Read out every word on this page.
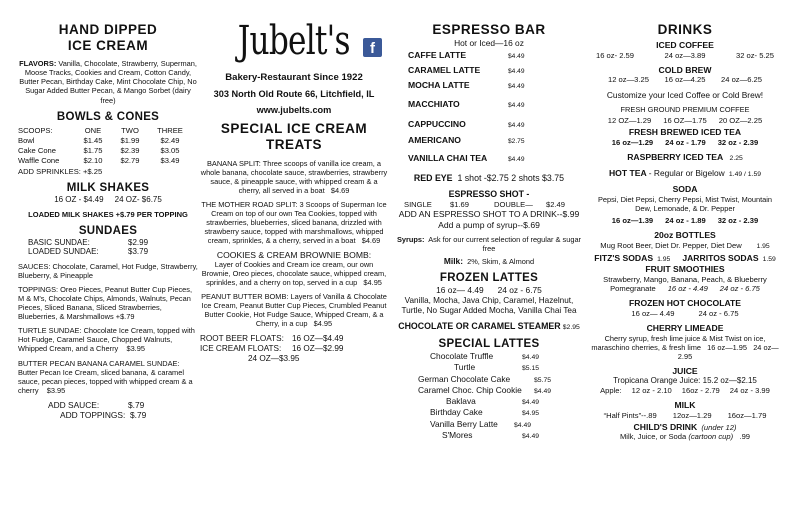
HAND DIPPED
ICE CREAM
FLAVORS: Vanilla, Chocolate, Strawberry, Superman, Moose Tracks, Cookies and Cream, Cotton Candy, Butter Pecan, Birthday Cake, Mint Chocolate Chip, No Sugar Added Butter Pecan, & Mango Sorbet (dairy free)
BOWLS & CONES
SCOOPS:	ONE	TWO	THREE
Bowl	$1.45	$1.99	$2.49
Cake Cone	$1.75	$2.39	$3.05
Waffle Cone	$2.10	$2.79	$3.49
ADD SPRINKLES: +$.25
MILK SHAKES
16 OZ - $4.49 24 OZ- $6.75
LOADED MILK SHAKES +$.79 PER TOPPING
SUNDAES
BASIC SUNDAE:	$2.99
LOADED SUNDAE:	$3.79
SAUCES: Chocolate, Caramel, Hot Fudge, Strawberry, Blueberry, & Pineapple
TOPPINGS: Oreo Pieces, Peanut Butter Cup Pieces, M & M's, Chocolate Chips, Almonds, Walnuts, Pecan Pieces, Sliced Banana, Sliced Strawberries, Blueberries, & Marshmallows +$.79
TURTLE SUNDAE: Chocolate Ice Cream, topped with Hot Fudge, Caramel Sauce, Chopped Walnuts, Whipped Cream, and a Cherry $3.95
BUTTER PECAN BANANA CARAMEL SUNDAE: Butter Pecan Ice Cream, sliced banana, & caramel sauce, pecan pieces, topped with whipped cream & a cherry $3.95
ADD SAUCE:	$.79
ADD TOPPINGS: $.79
Jubelt's	f
Bakery-Restaurant Since 1922
303 North Old Route 66, Litchfield, IL
www.jubelts.com
SPECIAL ICE CREAM
TREATS
BANANA SPLIT: Three scoops of vanilla ice cream, a whole banana, chocolate sauce, strawberries, strawberry sauce, & pineapple sauce, with whipped cream & a cherry, all served in a boat $4.69
THE MOTHER ROAD SPLIT: 3 Scoops of Superman Ice Cream on top of our own Tea Cookies, topped with strawberries, blueberries, sliced banana, drizzled with strawberry sauce, topped with marshmallows, whipped cream, sprinkles, & a cherry, served in a boat $4.69
COOKIES & CREAM BROWNIE BOMB:
Layer of Cookies and Cream ice cream, our own Brownie, Oreo pieces, chocolate sauce, whipped cream, sprinkles, and a cherry on top, served in a cup $4.95
PEANUT BUTTER BOMB: Layers of Vanilla & Chocolate Ice Cream, Peanut Butter Cup Pieces, Crumbled Peanut Butter Cookie, Hot Fudge Sauce, Whipped Cream, & a Cherry, in a cup $4.95
ROOT BEER FLOATS: 16 OZ—$4.49
ICE CREAM FLOATS:	16 OZ—$2.99
24 OZ—$3.95
ESPRESSO BAR
Hot or Iced—16 oz
CAFFE LATTE	$4.49
CARAMEL LATTE	$4.49
MOCHA LATTE	$4.49
MACCHIATO	$4.49
CAPPUCCINO	$4.49
AMERICANO	$2.75
VANILLA CHAI TEA	$4.49
RED EYE 1 shot -$2.75 2 shots $3.75
ESPRESSO SHOT -
SINGLE	$1.69	DOUBLE—	$2.49
ADD AN ESPRESSO SHOT TO A DRINK--$.99
Add a pump of syrup--$.69
Syrups: Ask for our current selection of regular & sugar free
Milk: 2%, Skim, & Almond
FROZEN LATTES
16 oz— 4.49 24 oz - 6.75
Vanilla, Mocha, Java Chip, Caramel, Hazelnut, Turtle, No Sugar Added Mocha, Vanilla Chai Tea
CHOCOLATE OR CARAMEL STEAMER $2.95
SPECIAL LATTES
Chocolate Truffle	$4.49
Turtle	$5.15
German Chocolate Cake	$5.75
Caramel Choc. Chip Cookie	$4.49
Baklava	$4.49
Birthday Cake	$4.95
Vanilla Berry Latte	$4.49
S'Mores	$4.49
DRINKS
ICED COFFEE
16 oz- 2.59	24 oz—3.89	32 oz- 5.25
COLD BREW
12 oz—3.25 16 oz—4.25 24 oz—6.25
Customize your Iced Coffee or Cold Brew!
FRESH GROUND PREMIUM COFFEE
12 OZ—1.29 16 OZ—1.75 20 OZ—2.25
FRESH BREWED ICED TEA
16 oz—1.29 24 oz - 1.79 32 oz - 2.39
RASPBERRY ICED TEA 2.25
HOT TEA - Regular or Bigelow 1.49 / 1.59
SODA
Pepsi, Diet Pepsi, Cherry Pepsi, Mist Twist, Mountain Dew, Lemonade, & Dr. Pepper
16 oz—1.39 24 oz - 1.89 32 oz - 2.39
20oz BOTTLES
Mug Root Beer, Diet Dr. Pepper, Diet Dew 1.95
FITZ'S SODAS 1.95 JARRITOS SODAS 1.59
FRUIT SMOOTHIES
Strawberry, Mango, Banana, Peach, & Blueberry
Pomegranate 16 oz - 4.49 24 oz - 6.75
FROZEN HOT CHOCOLATE
16 oz— 4.49	24 oz - 6.75
CHERRY LIMEADE
Cherry syrup, fresh lime juice & Mist Twist on ice, maraschino cherries, & fresh lime 16 oz—1.95 24 oz—2.95
JUICE
Tropicana Orange Juice: 15.2 oz—$2.15
Apple: 12 oz - 2.10 16oz - 2.79 24 oz - 3.99
MILK
“Half Pints”--.89 12oz—1.29 16oz—1.79
CHILD'S DRINK (under 12)
Milk, Juice, or Soda (cartoon cup) .99
